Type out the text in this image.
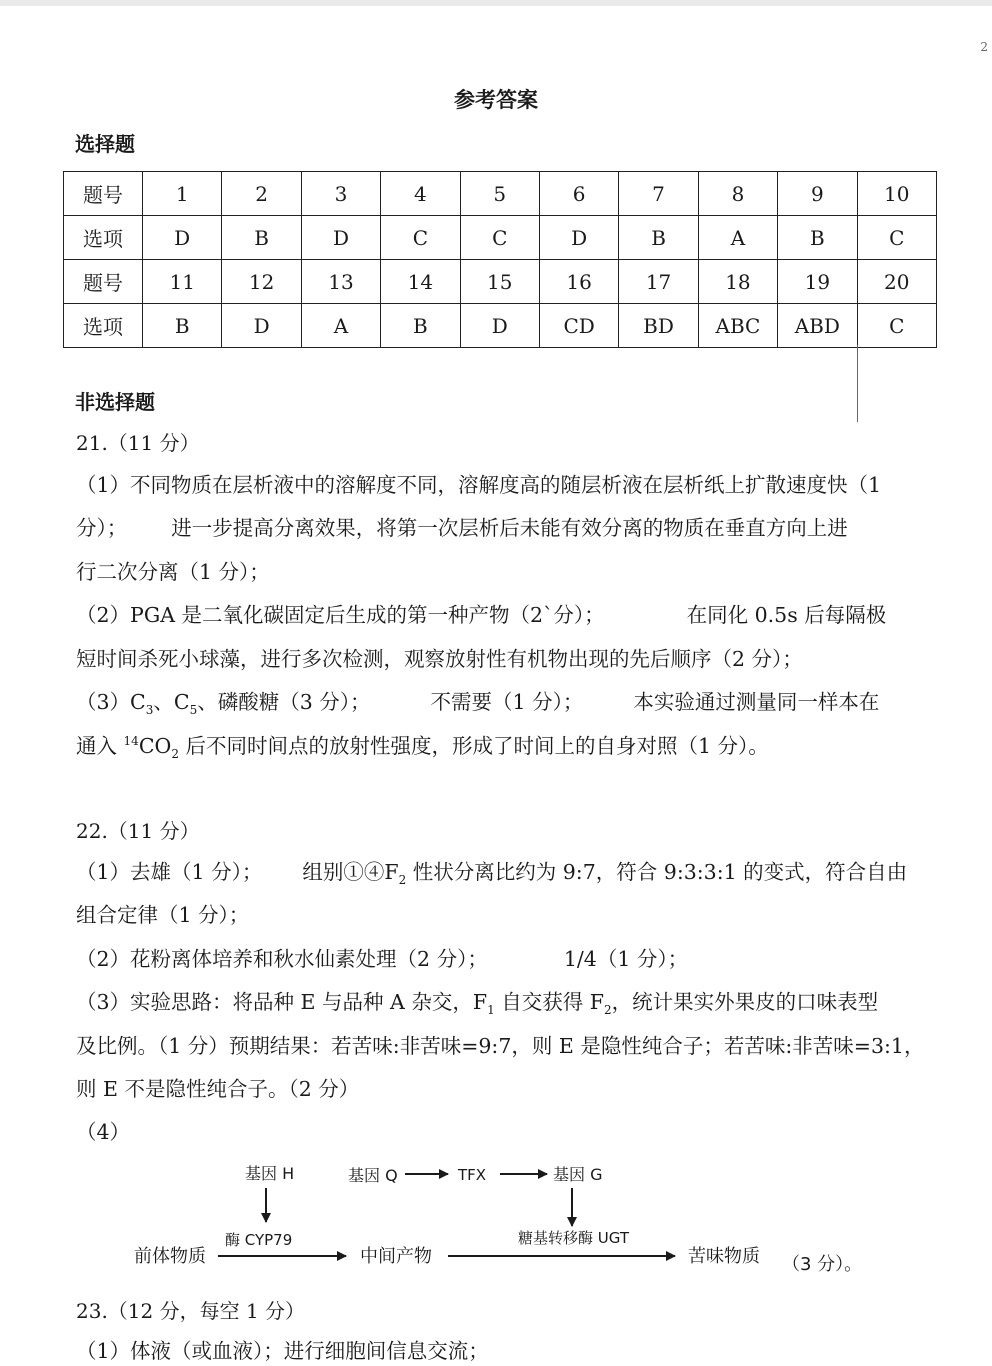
2
参考答案
选择题
题号	1	2	3	4	5	6	7	8	9	10
选项	D	B	D	C	C	D	B	A	B	C
题号	11	12	13	14	15	16	17	18	19	20
选项	B	D	A	B	D	CD	BD	ABC	ABD	C
非选择题
21.（11 分）
（1）不同物质在层析液中的溶解度不同，溶解度高的随层析液在层析纸上扩散速度快（1
分）； 进一步提高分离效果，将第一次层析后未能有效分离的物质在垂直方向上进
行二次分离（1 分）；
（2）PGA 是二氧化碳固定后生成的第一种产物（2`分）；	在同化 0.5s 后每隔极
短时间杀死小球藻，进行多次检测，观察放射性有机物出现的先后顺序（2 分）；
$(3)C_3$、$C_5$、磷酸糖（3 分）；	不需要（1 分）； 本实验通过测量同一样本在
通入 $^{14}CO_2$ 后不同时间点的放射性强度，形成了时间上的自身对照（1 分）。
22.（11 分）
（1）去雄（1 分）； 组别$①④F_2$ 性状分离比约为 9:7，符合 9:3:3:1 的变式，符合自由
组合定律（1 分）；
（2）花粉离体培养和秋水仙素处理（2 分）；	1/4（1 分）；
（3）实验思路：将品种 E 与品种 A 杂交，$F_1$ 自交获得 $F_2$，统计果实外果皮的口味表型
及比例。（1 分）预期结果：若苦味:非苦味=9:7，则 E 是隐性纯合子；若苦味:非苦味=3:1，
则 E 不是隐性纯合子。（2 分）
（4）
基因 H	基因 Q	TFX	基因 G
酶 CYP79	糖基转移酶 UGT
前体物质	中间产物	苦味物质 （3 分）。
23.（12 分，每空 1 分）
（1）体液（或血液）；进行细胞间信息交流；
